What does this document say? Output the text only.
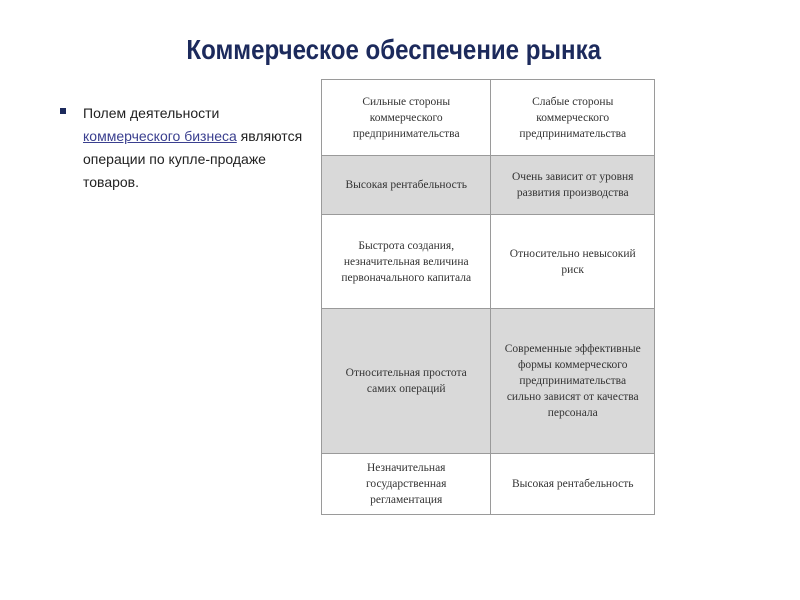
Коммерческое обеспечение рынка
Полем деятельности коммерческого бизнеса являются операции по купле-продаже товаров.
Сильные стороны коммерческого предпринимательства	Слабые стороны коммерческого предпринимательства
Высокая рентабельность	Очень зависит от уровня развития производства
Быстрота создания, незначительная величина первоначального капитала	Относительно невысокий риск
Относительная простота самих операций	Современные эффективные формы коммерческого предпринимательства сильно зависят от качества персонала
Незначительная государственная регламентация	Высокая рентабельность
